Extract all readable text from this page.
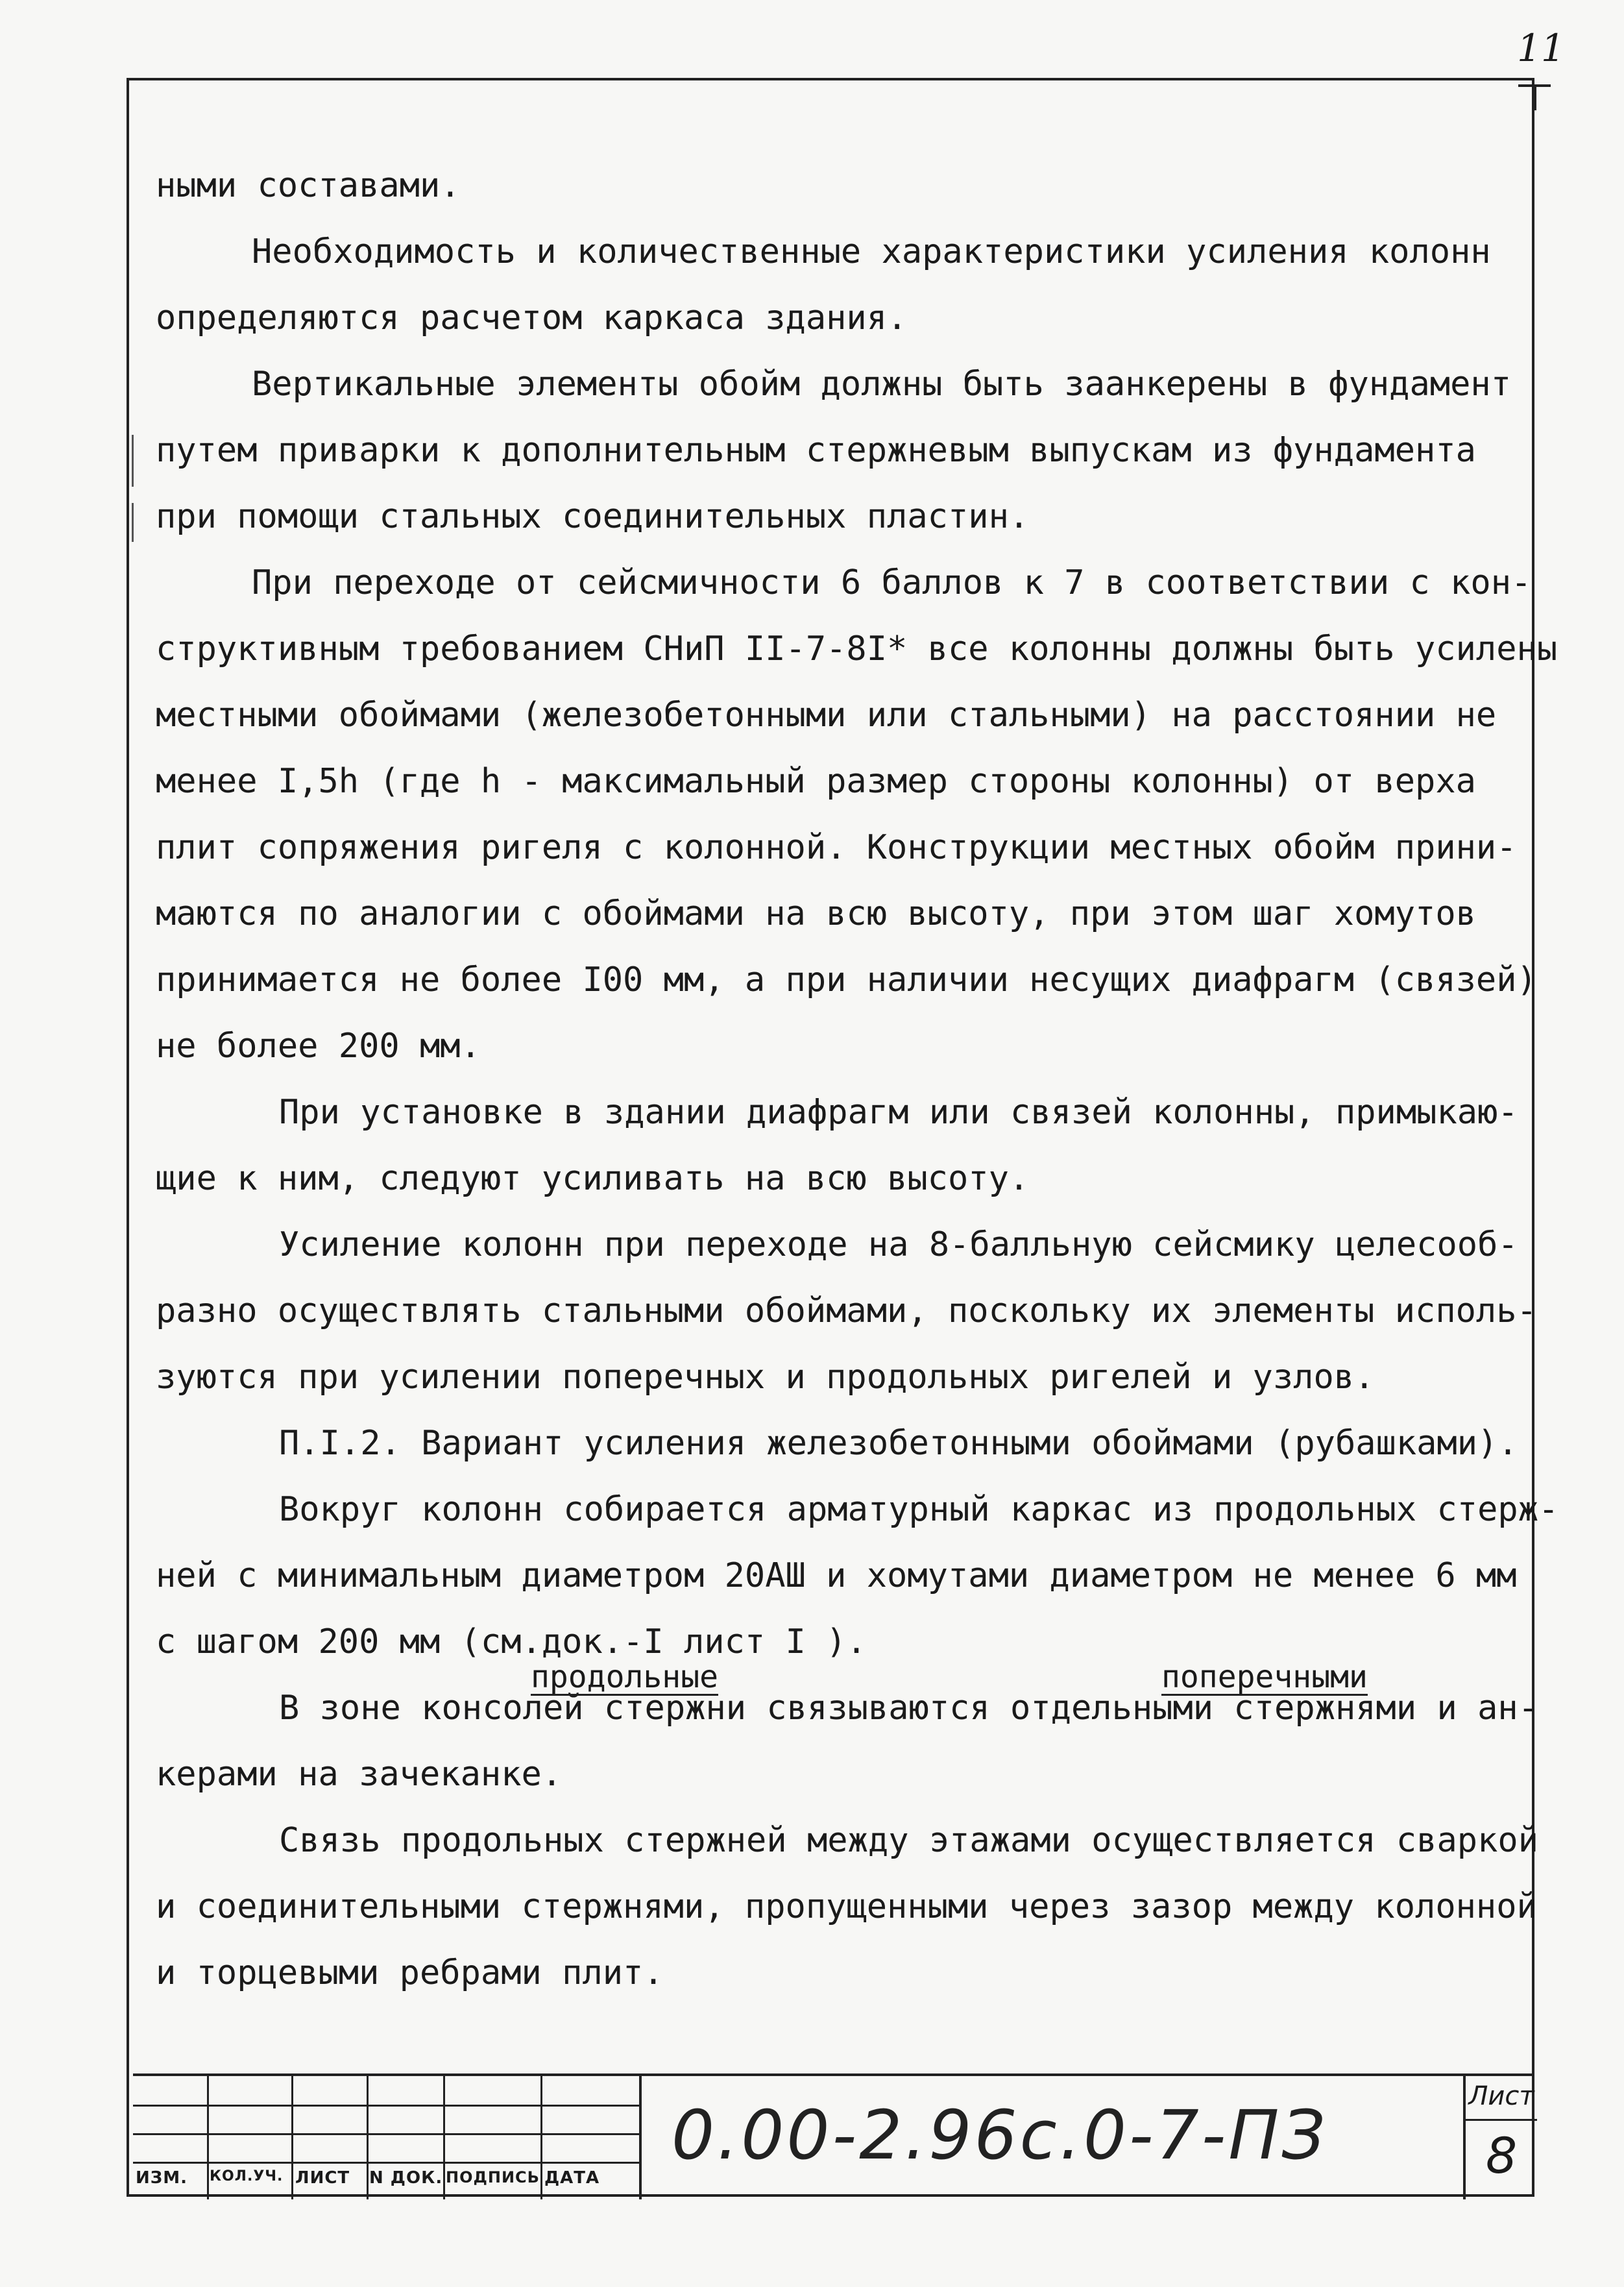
11
ными составами.
Необходимость и количественные характеристики усиления колонн
определяются расчетом каркаса здания.
Вертикальные элементы обойм должны быть заанкерены в фундамент
путем приварки к дополнительным стержневым выпускам из фундамента
при помощи стальных соединительных пластин.
При переходе от сейсмичности 6 баллов к 7 в соответствии с кон-
структивным требованием СНиП II-7-8I* все колонны должны быть усилены
местными обоймами (железобетонными или стальными) на расстоянии не
менее I,5h (где h - максимальный размер стороны колонны) от верха
плит сопряжения ригеля с колонной. Конструкции местных обойм прини-
маются по аналогии с обоймами на всю высоту, при этом шаг хомутов
принимается не более I00 мм, а при наличии несущих диафрагм (связей)
не более 200 мм.
При установке в здании диафрагм или связей колонны, примыкаю-
щие к ним, следуют усиливать на всю высоту.
Усиление колонн при переходе на 8-балльную сейсмику целесооб-
разно осуществлять стальными обоймами, поскольку их элементы исполь-
зуются при усилении поперечных и продольных ригелей и узлов.
П.I.2. Вариант усиления железобетонными обоймами (рубашками).
Вокруг колонн собирается арматурный каркас из продольных стерж-
ней с минимальным диаметром 20АШ и хомутами диаметром не менее 6 мм
с шагом 200 мм (см.док.-I лист I ).
В зоне консолей стержни связываются отдельными стержнями и ан-
керами на зачеканке.
Связь продольных стержней между этажами осуществляется сваркой
и соединительными стержнями, пропущенными через зазор между колонной
и торцевыми ребрами плит.
продольные	поперечными
ИЗМ. КОЛ.УЧ. ЛИСТ N ДОК. ПОДПИСЬ ДАТА
0.00-2.96с.0-7-ПЗ	Лист
8
